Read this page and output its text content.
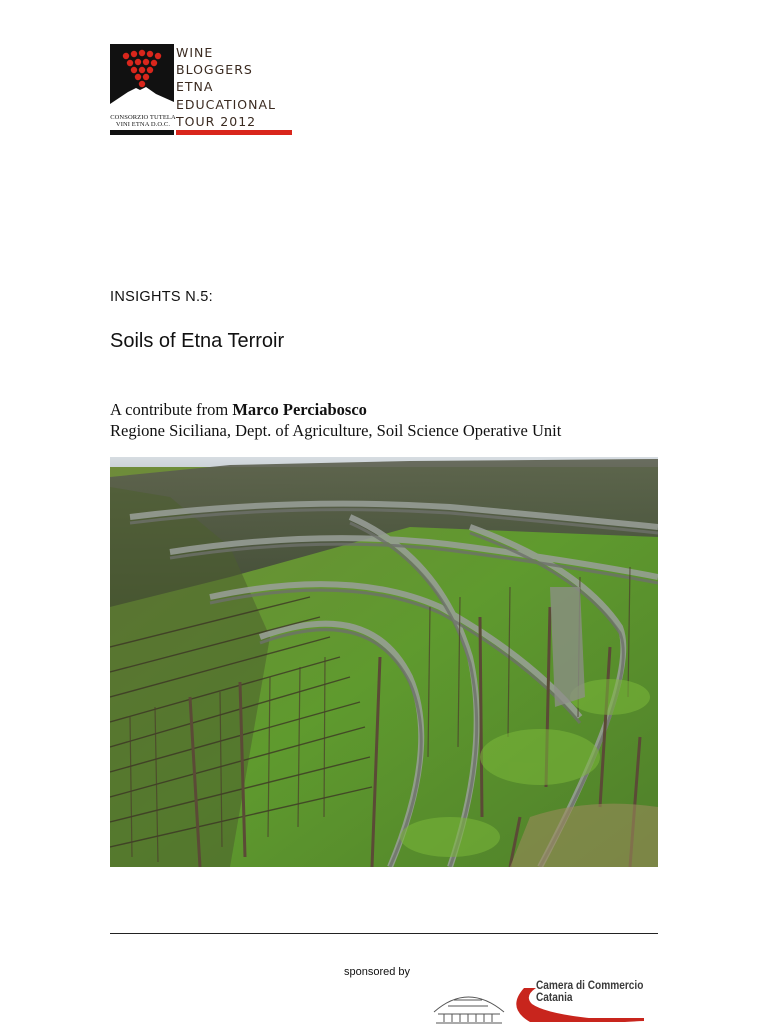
WINE
BLOGGERS
ETNA
EDUCATIONAL
TOUR 2012
CONSORZIO TUTELA
VINI ETNA D.O.C.
INSIGHTS N.5:
Soils of Etna Terroir
A contribute from Marco Perciabosco
Regione Siciliana, Dept. of Agriculture, Soil Science Operative Unit
sponsored by
Camera di Commercio
Catania
